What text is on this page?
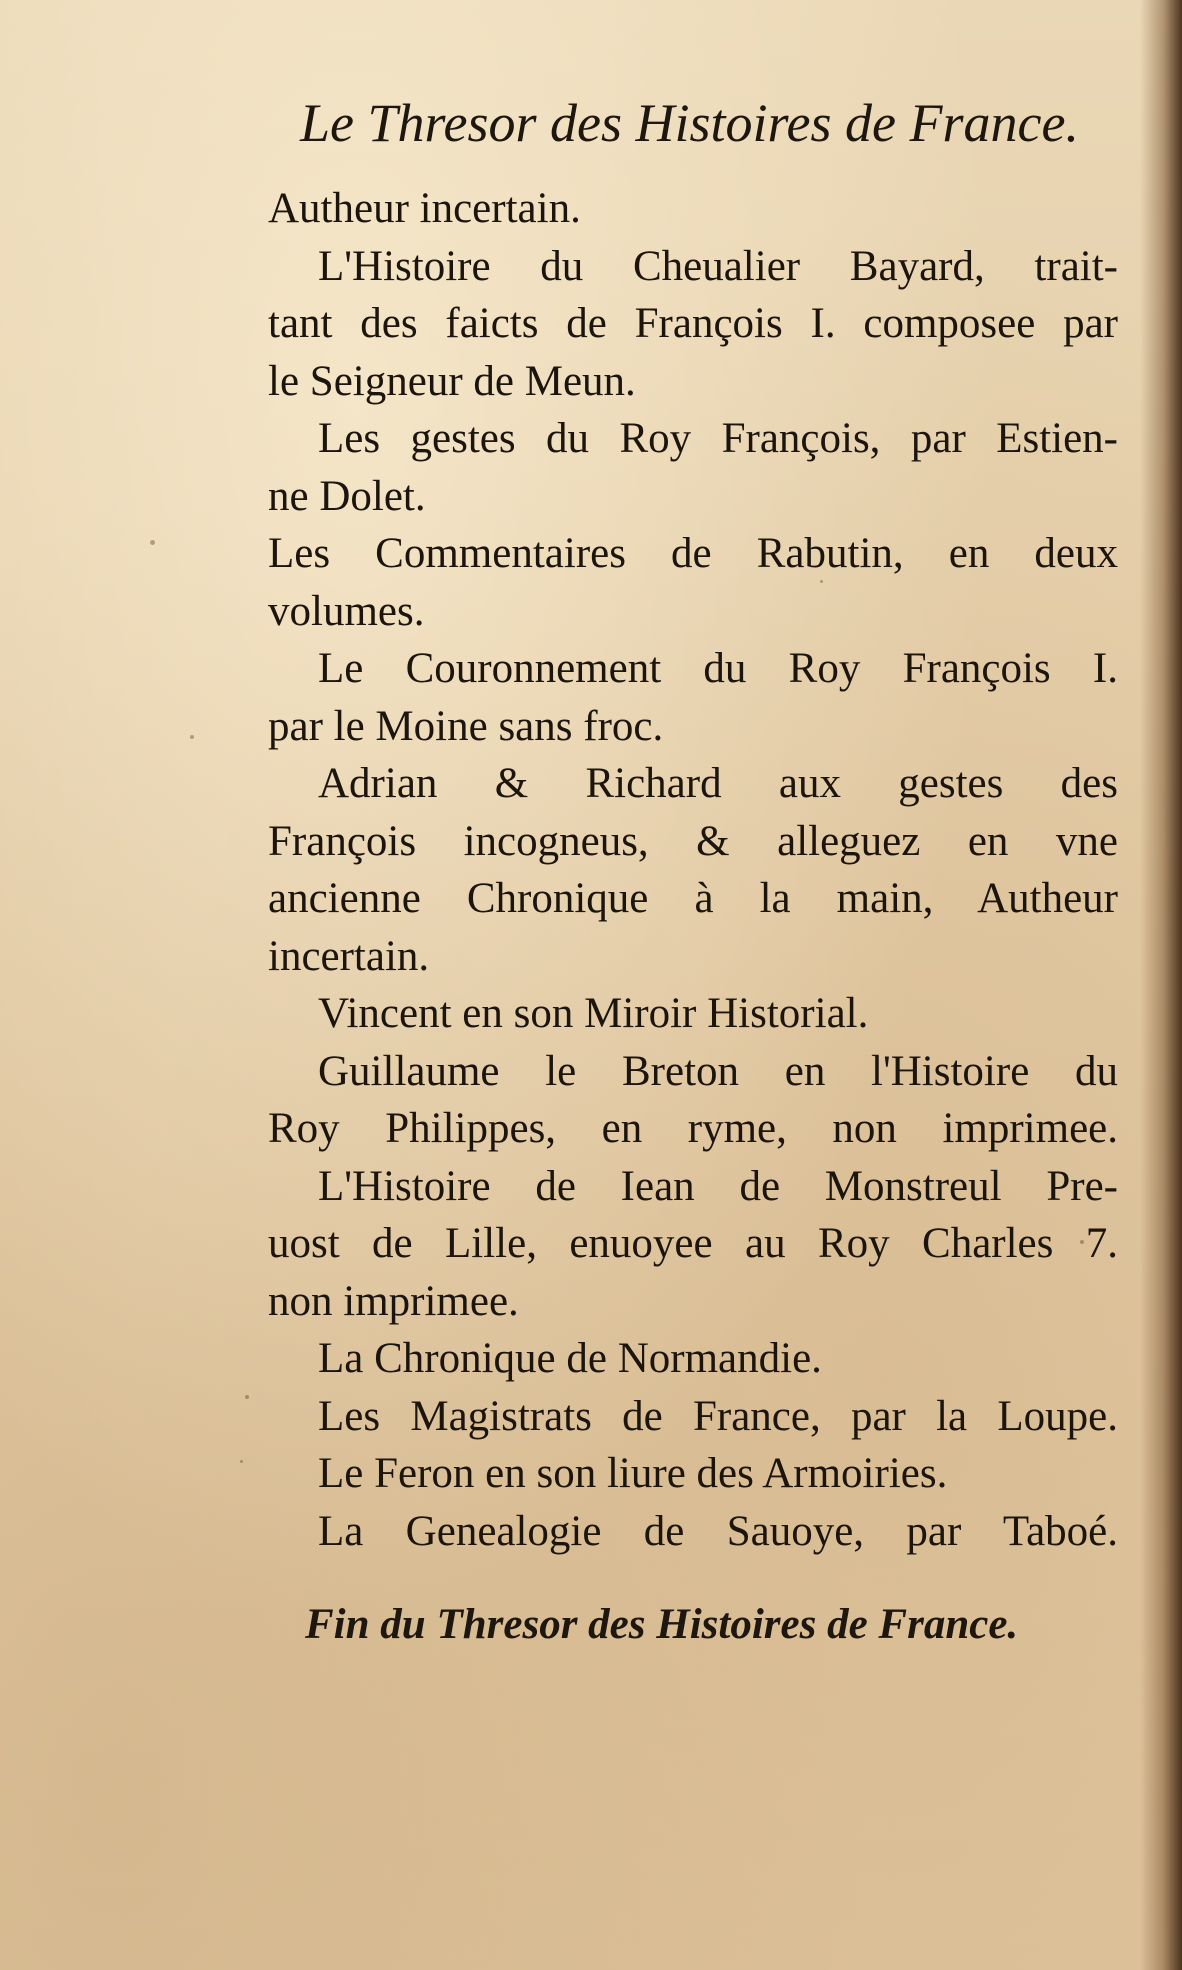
Le Thresor des Histoires de France.
Autheur incertain.
L'Histoire du Cheualier Bayard, trait-
tant des faicts de François I. composee par
le Seigneur de Meun.
Les gestes du Roy François, par Estien-
ne Dolet.
Les Commentaires de Rabutin, en deux
volumes.
Le Couronnement du Roy François I.
par le Moine sans froc.
Adrian & Richard aux gestes des
François incogneus, & alleguez en vne
ancienne Chronique à la main, Autheur
incertain.
Vincent en son Miroir Historial.
Guillaume le Breton en l'Histoire du
Roy Philippes, en ryme, non imprimee.
L'Histoire de Iean de Monstreul Pre-
uost de Lille, enuoyee au Roy Charles 7.
non imprimee.
La Chronique de Normandie.
Les Magistrats de France, par la Loupe.
Le Feron en son liure des Armoiries.
La Genealogie de Sauoye, par Taboé.
Fin du Thresor des Histoires de France.
